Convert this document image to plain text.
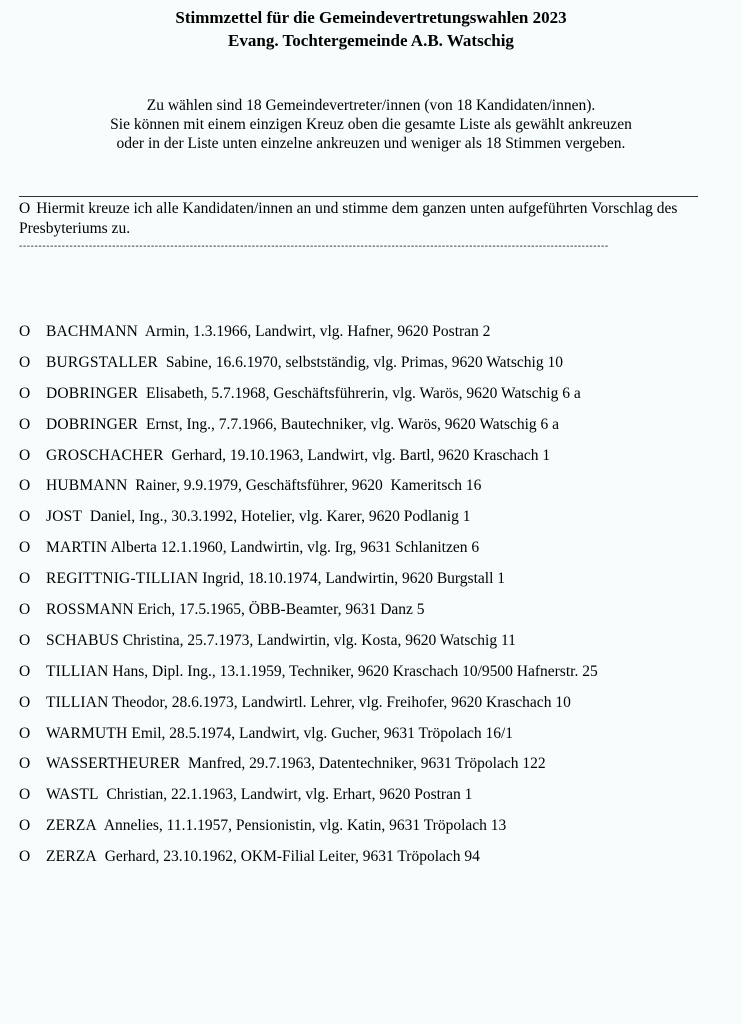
Stimmzettel für die Gemeindevertretungswahlen 2023
Evang. Tochtergemeinde A.B. Watschig
Zu wählen sind 18 Gemeindevertreter/innen (von 18 Kandidaten/innen).
Sie können mit einem einzigen Kreuz oben die gesamte Liste als gewählt ankreuzen
oder in der Liste unten einzelne ankreuzen und weniger als 18 Stimmen vergeben.
O Hiermit kreuze ich alle Kandidaten/innen an und stimme dem ganzen unten aufgeführten Vorschlag des Presbyteriums zu.
--------------------------------------------------------------------------------------------------------------------------------------------------------
O	BACHMANN Armin, 1.3.1966, Landwirt, vlg. Hafner, 9620 Postran 2
O	BURGSTALLER Sabine, 16.6.1970, selbstständig, vlg. Primas, 9620 Watschig 10
O	DOBRINGER Elisabeth, 5.7.1968, Geschäftsführerin, vlg. Warös, 9620 Watschig 6 a
O	DOBRINGER Ernst, Ing., 7.7.1966, Bautechniker, vlg. Warös, 9620 Watschig 6 a
O	GROSCHACHER Gerhard, 19.10.1963, Landwirt, vlg. Bartl, 9620 Kraschach 1
O	HUBMANN Rainer, 9.9.1979, Geschäftsführer, 9620  Kameritsch 16
O	JOST Daniel, Ing., 30.3.1992, Hotelier, vlg. Karer, 9620 Podlanig 1
O	MARTIN Alberta 12.1.1960, Landwirtin, vlg. Irg, 9631 Schlanitzen 6
O	REGITTNIG-TILLIAN Ingrid, 18.10.1974, Landwirtin, 9620 Burgstall 1
O	ROSSMANN Erich, 17.5.1965, ÖBB-Beamter, 9631 Danz 5
O	SCHABUS Christina, 25.7.1973, Landwirtin, vlg. Kosta, 9620 Watschig 11
O	TILLIAN Hans, Dipl. Ing., 13.1.1959, Techniker, 9620 Kraschach 10/9500 Hafnerstr. 25
O	TILLIAN Theodor, 28.6.1973, Landwirtl. Lehrer, vlg. Freihofer, 9620 Kraschach 10
O	WARMUTH Emil, 28.5.1974, Landwirt, vlg. Gucher, 9631 Tröpolach 16/1
O	WASSERTHEURER Manfred, 29.7.1963, Datentechniker, 9631 Tröpolach 122
O	WASTL Christian, 22.1.1963, Landwirt, vlg. Erhart, 9620 Postran 1
O	ZERZA Annelies, 11.1.1957, Pensionistin, vlg. Katin, 9631 Tröpolach 13
O	ZERZA Gerhard, 23.10.1962, OKM-Filial Leiter, 9631 Tröpolach 94
